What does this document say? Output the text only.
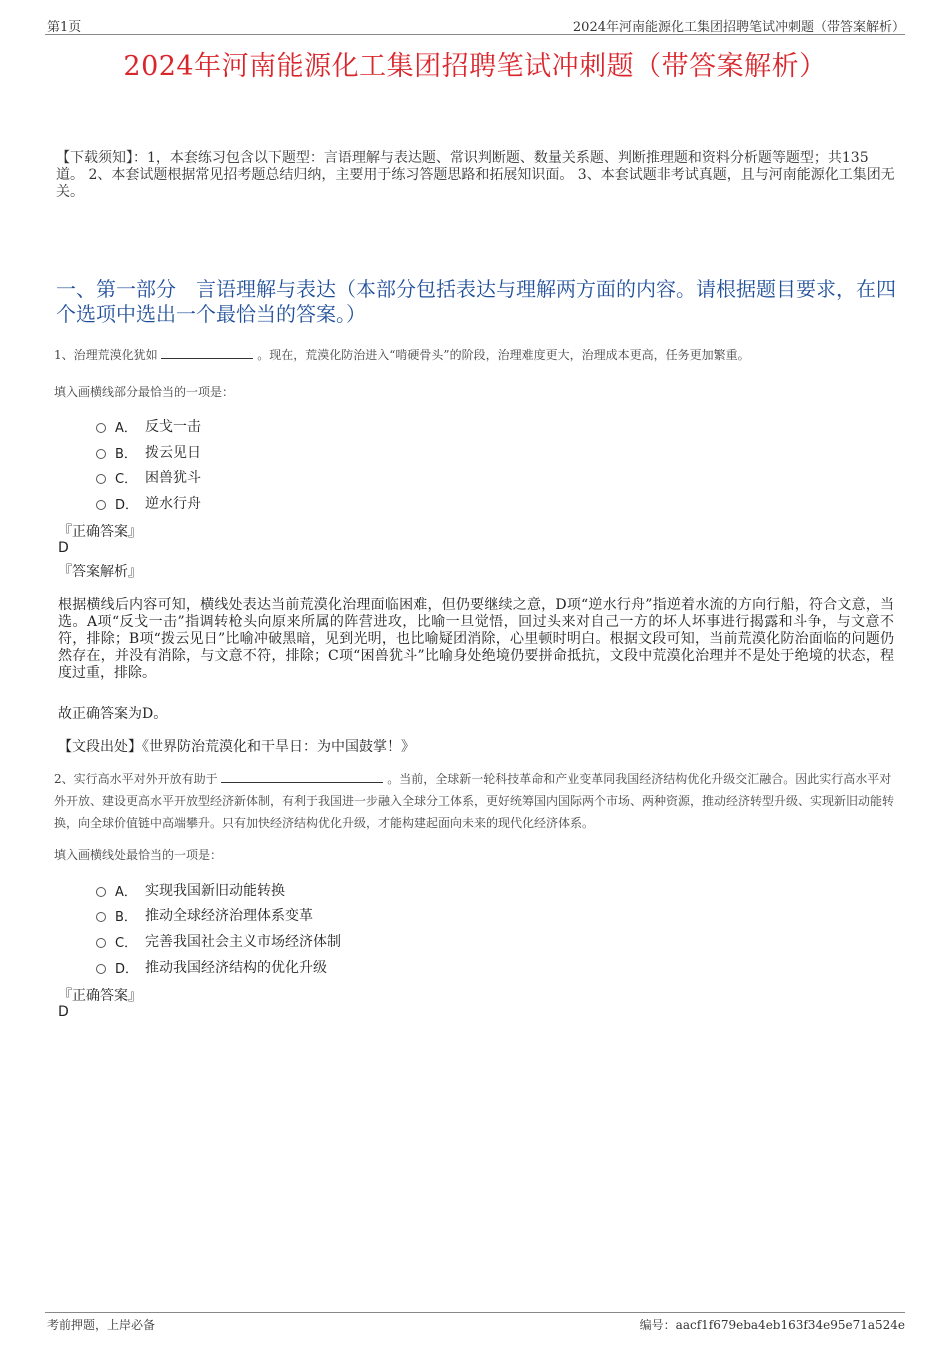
第1页	2024年河南能源化工集团招聘笔试冲刺题（带答案解析）
2024年河南能源化工集团招聘笔试冲刺题（带答案解析）
【下载须知】：1，本套练习包含以下题型：言语理解与表达题、常识判断题、数量关系题、判断推理题和资料分析题等题型；共135道。 2、本套试题根据常见招考题总结归纳，主要用于练习答题思路和拓展知识面。 3、本套试题非考试真题，且与河南能源化工集团无关。
一、第一部分　言语理解与表达（本部分包括表达与理解两方面的内容。请根据题目要求，在四个选项中选出一个最恰当的答案。）
1、治理荒漠化犹如	。现在，荒漠化防治进入“啃硬骨头”的阶段，治理难度更大，治理成本更高，任务更加繁重。
填入画横线部分最恰当的一项是：
A． 反戈一击
B． 拨云见日
C． 困兽犹斗
D． 逆水行舟
『正确答案』
D
『答案解析』
根据横线后内容可知，横线处表达当前荒漠化治理面临困难，但仍要继续之意，D项“逆水行舟”指逆着水流的方向行船，符合文意，当选。A项“反戈一击”指调转枪头向原来所属的阵营进攻，比喻一旦觉悟，回过头来对自己一方的坏人坏事进行揭露和斗争，与文意不符，排除；B项“拨云见日”比喻冲破黑暗，见到光明，也比喻疑团消除，心里顿时明白。根据文段可知，当前荒漠化防治面临的问题仍然存在，并没有消除，与文意不符，排除；C项“困兽犹斗”比喻身处绝境仍要拼命抵抗，文段中荒漠化治理并不是处于绝境的状态，程度过重，排除。
故正确答案为D。
【文段出处】《世界防治荒漠化和干旱日：为中国鼓掌！》
2、实行高水平对外开放有助于	。当前，全球新一轮科技革命和产业变革同我国经济结构优化升级交汇融合。因此实行高水平对外开放、建设更高水平开放型经济新体制，有利于我国进一步融入全球分工体系，更好统筹国内国际两个市场、两种资源，推动经济转型升级、实现新旧动能转换，向全球价值链中高端攀升。只有加快经济结构优化升级，才能构建起面向未来的现代化经济体系。
填入画横线处最恰当的一项是：
A． 实现我国新旧动能转换
B． 推动全球经济治理体系变革
C． 完善我国社会主义市场经济体制
D． 推动我国经济结构的优化升级
『正确答案』
D
考前押题，上岸必备	编号：aacf1f679eba4eb163f34e95e71a524e
